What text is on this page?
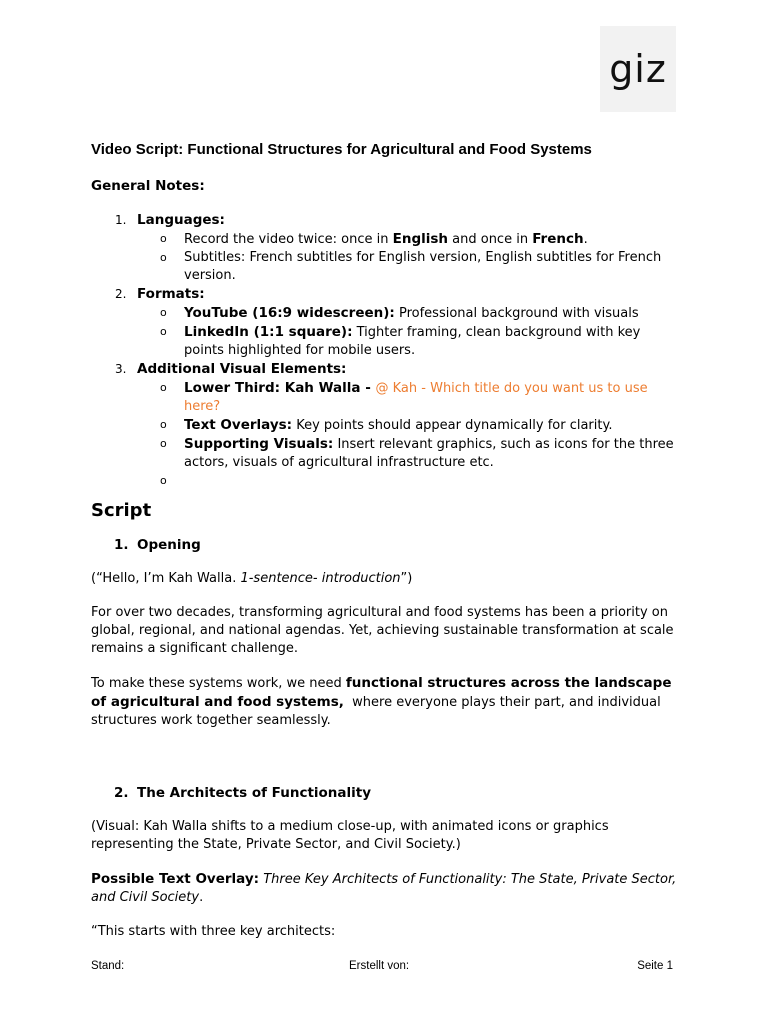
giz
Video Script: Functional Structures for Agricultural and Food Systems
General Notes:
1. Languages:
o Record the video twice: once in English and once in French.
o Subtitles: French subtitles for English version, English subtitles for French version.
2. Formats:
o YouTube (16:9 widescreen): Professional background with visuals
o LinkedIn (1:1 square): Tighter framing, clean background with key points highlighted for mobile users.
3. Additional Visual Elements:
o Lower Third: Kah Walla - @ Kah - Which title do you want us to use here?
o Text Overlays: Key points should appear dynamically for clarity.
o Supporting Visuals: Insert relevant graphics, such as icons for the three actors, visuals of agricultural infrastructure etc.
o
Script
1. Opening

(“Hello, I’m Kah Walla. 1-sentence- introduction”)

For over two decades, transforming agricultural and food systems has been a priority on global, regional, and national agendas. Yet, achieving sustainable transformation at scale remains a significant challenge.

To make these systems work, we need functional structures across the landscape of agricultural and food systems,  where everyone plays their part, and individual structures work together seamlessly.

2. The Architects of Functionality

(Visual: Kah Walla shifts to a medium close-up, with animated icons or graphics representing the State, Private Sector, and Civil Society.)

Possible Text Overlay: Three Key Architects of Functionality: The State, Private Sector, and Civil Society.

“This starts with three key architects:

Stand:	Erstellt von:	Seite 1
